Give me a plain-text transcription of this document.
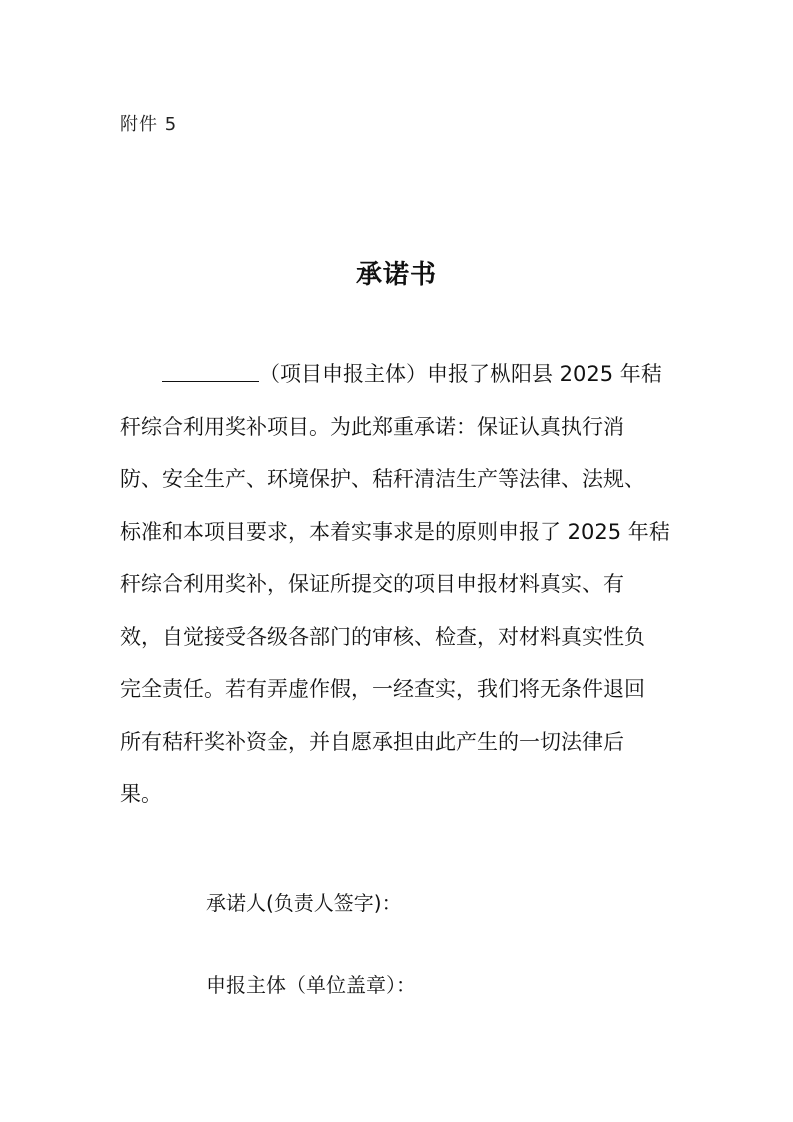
附件 5
承诺书
（项目申报主体）申报了枞阳县 2025 年秸
秆综合利用奖补项目。为此郑重承诺：保证认真执行消
防、安全生产、环境保护、秸秆清洁生产等法律、法规、
标准和本项目要求，本着实事求是的原则申报了 2025 年秸
秆综合利用奖补，保证所提交的项目申报材料真实、有
效，自觉接受各级各部门的审核、检查，对材料真实性负
完全责任。若有弄虚作假，一经查实，我们将无条件退回
所有秸秆奖补资金，并自愿承担由此产生的一切法律后
果。
承诺人(负责人签字)：
申报主体（单位盖章）：
